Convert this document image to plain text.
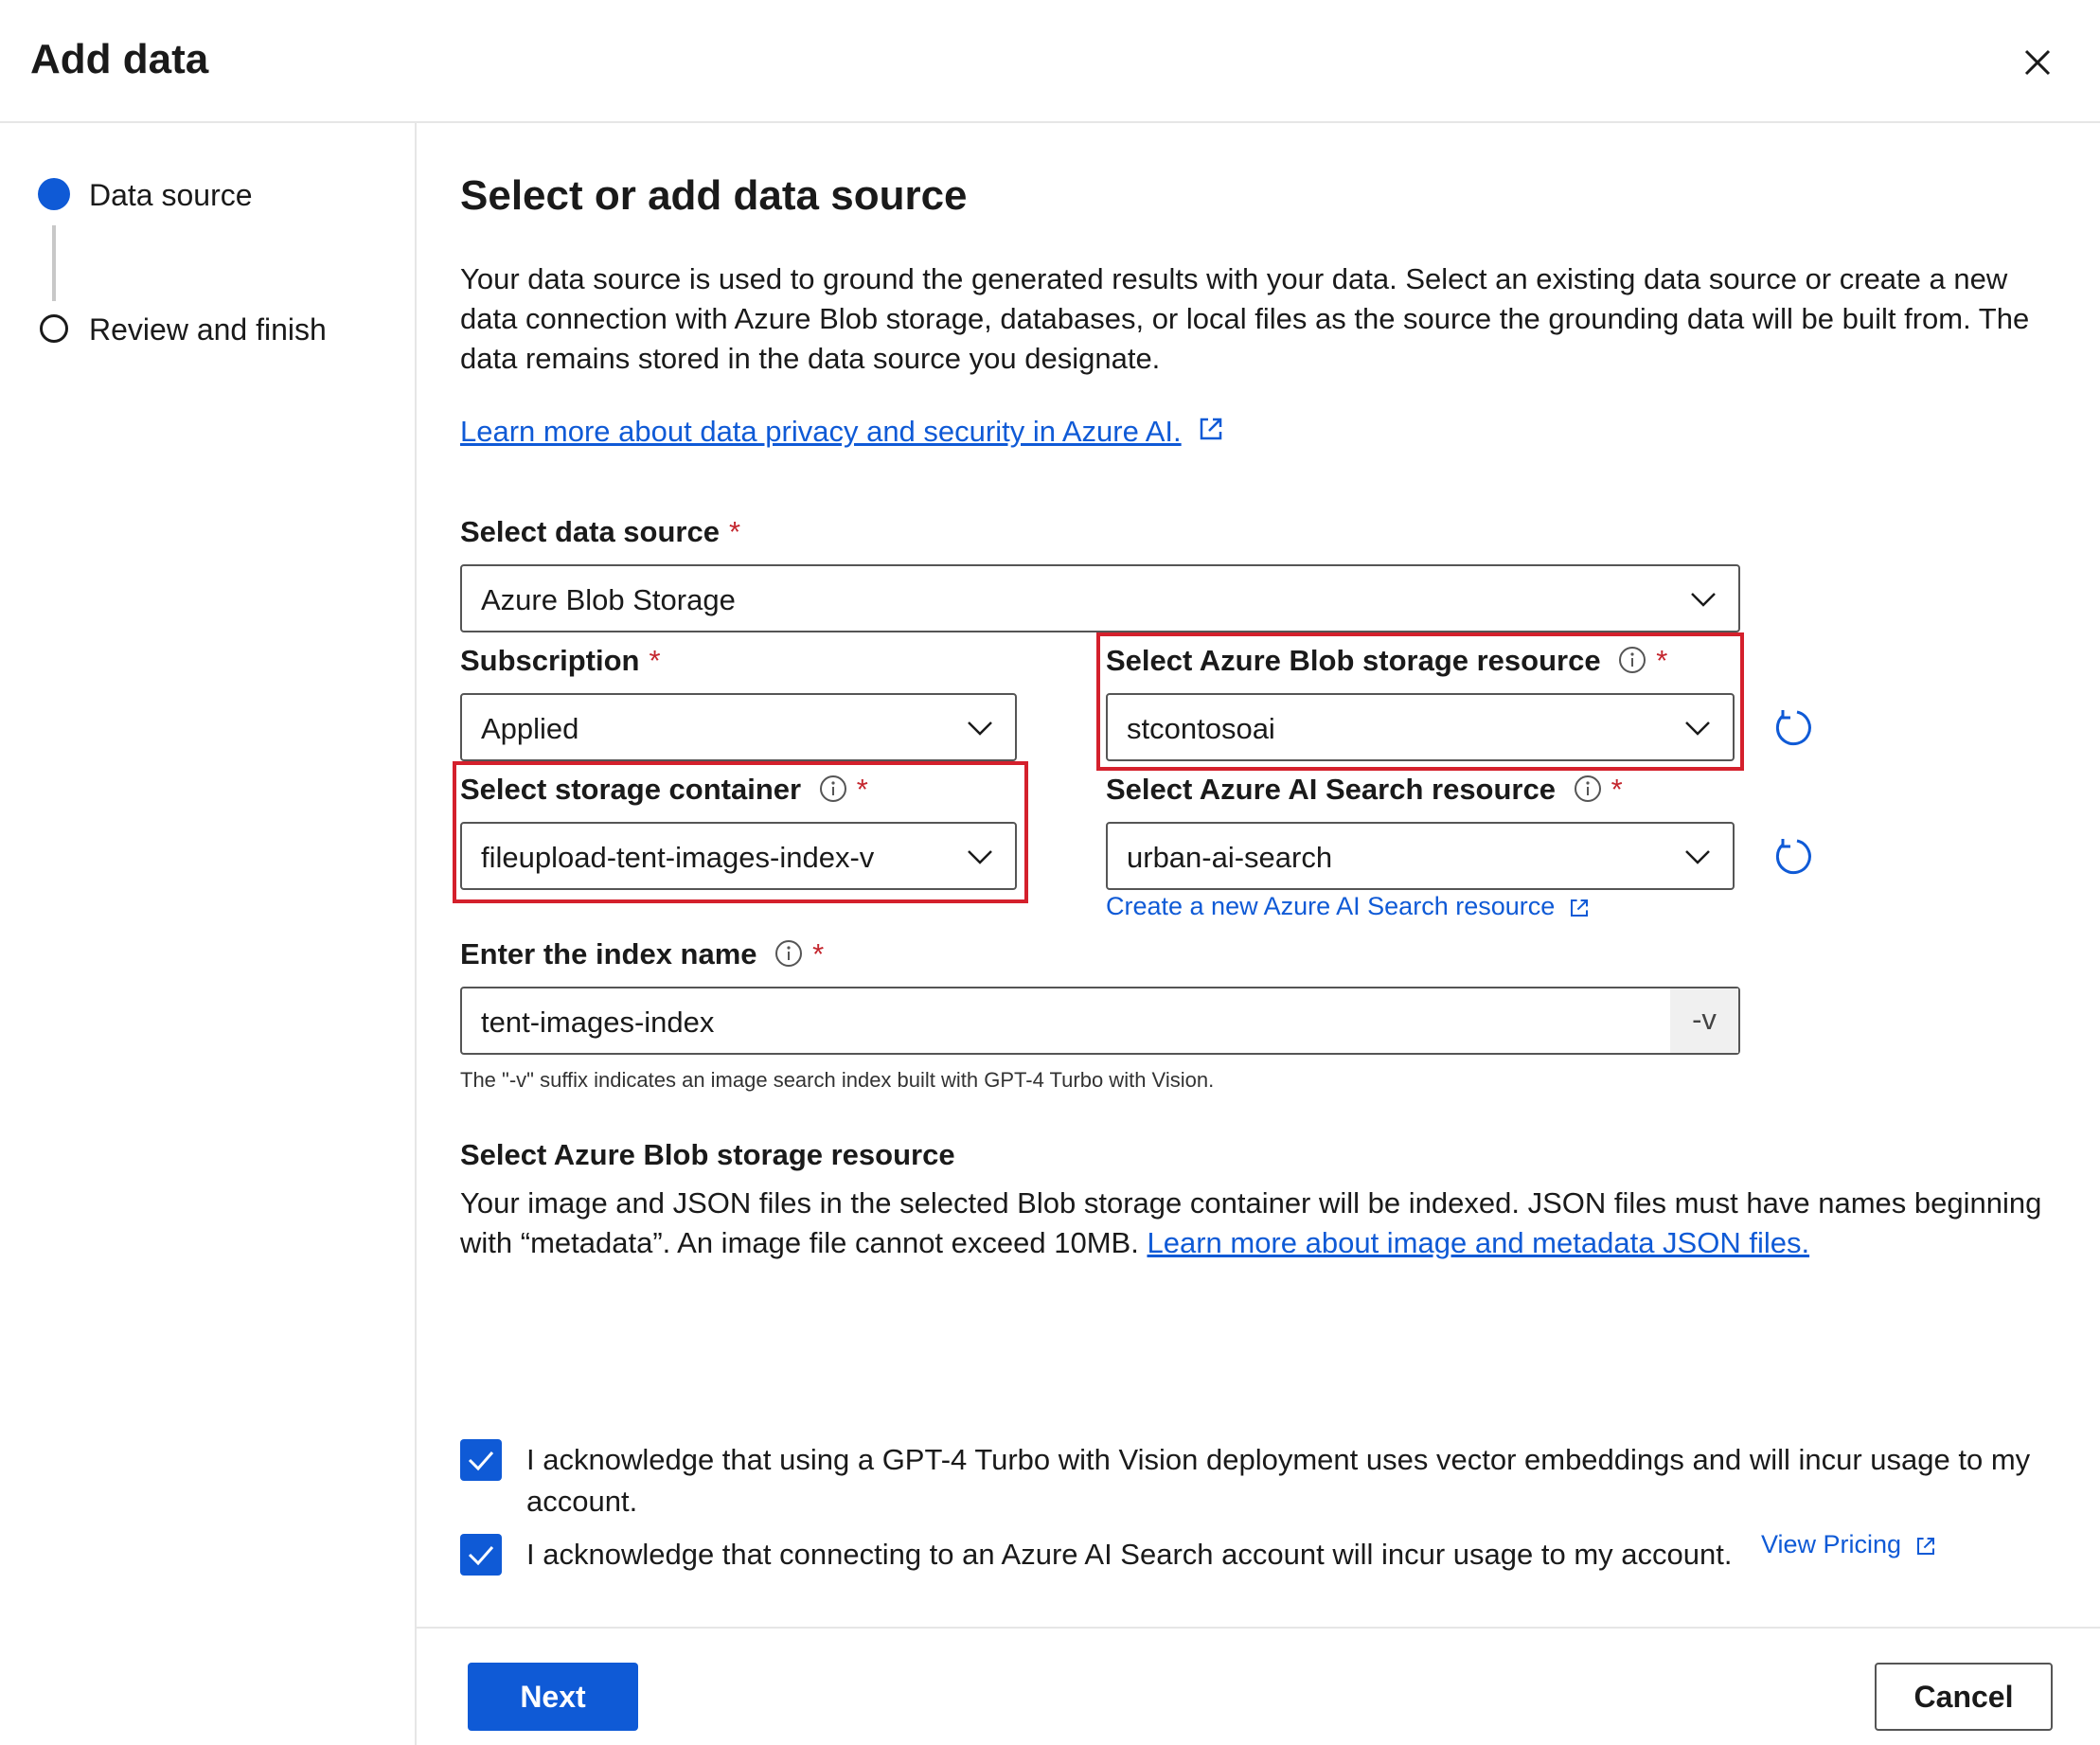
Add data
Data source
Review and finish
Select or add data source
Your data source is used to ground the generated results with your data. Select an existing data source or create a new data connection with Azure Blob storage, databases, or local files as the source the grounding data will be built from. The data remains stored in the data source you designate.
Learn more about data privacy and security in Azure AI.
Select data source *
Azure Blob Storage
Subscription *
Applied
Select Azure Blob storage resource *
stcontosoai
Select storage container *
fileupload-tent-images-index-v
Select Azure AI Search resource *
urban-ai-search
Create a new Azure AI Search resource
Enter the index name *
tent-images-index	-v
The "-v" suffix indicates an image search index built with GPT-4 Turbo with Vision.
Select Azure Blob storage resource
Your image and JSON files in the selected Blob storage container will be indexed. JSON files must have names beginning with “metadata”. An image file cannot exceed 10MB. Learn more about image and metadata JSON files.
I acknowledge that using a GPT-4 Turbo with Vision deployment uses vector embeddings and will incur usage to my account.
I acknowledge that connecting to an Azure AI Search account will incur usage to my account. View Pricing
Next	Cancel
